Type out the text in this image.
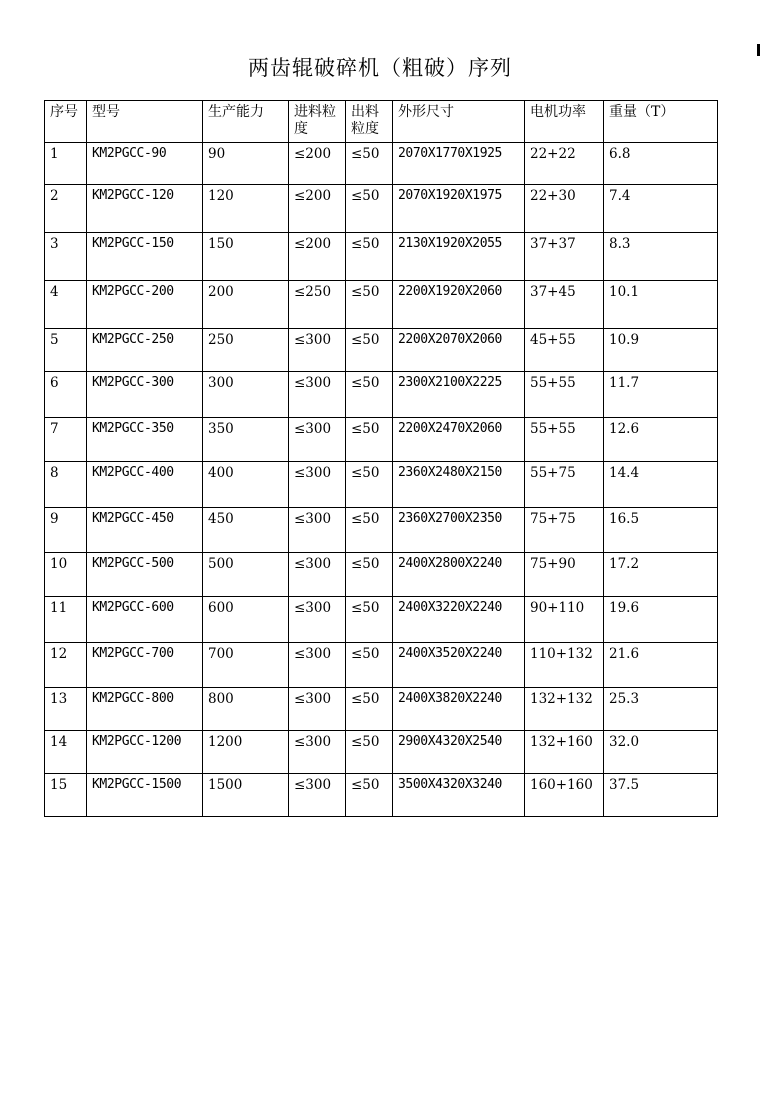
两齿辊破碎机（粗破）序列
序号	型号	生产能力	进料粒度	出料粒度	外形尺寸	电机功率	重量（T）
1	KM2PGCC-90	90	≤200	≤50	2070X1770X1925	22+22	6.8
2	KM2PGCC-120	120	≤200	≤50	2070X1920X1975	22+30	7.4
3	KM2PGCC-150	150	≤200	≤50	2130X1920X2055	37+37	8.3
4	KM2PGCC-200	200	≤250	≤50	2200X1920X2060	37+45	10.1
5	KM2PGCC-250	250	≤300	≤50	2200X2070X2060	45+55	10.9
6	KM2PGCC-300	300	≤300	≤50	2300X2100X2225	55+55	11.7
7	KM2PGCC-350	350	≤300	≤50	2200X2470X2060	55+55	12.6
8	KM2PGCC-400	400	≤300	≤50	2360X2480X2150	55+75	14.4
9	KM2PGCC-450	450	≤300	≤50	2360X2700X2350	75+75	16.5
10	KM2PGCC-500	500	≤300	≤50	2400X2800X2240	75+90	17.2
11	KM2PGCC-600	600	≤300	≤50	2400X3220X2240	90+110	19.6
12	KM2PGCC-700	700	≤300	≤50	2400X3520X2240	110+132	21.6
13	KM2PGCC-800	800	≤300	≤50	2400X3820X2240	132+132	25.3
14	KM2PGCC-1200	1200	≤300	≤50	2900X4320X2540	132+160	32.0
15	KM2PGCC-1500	1500	≤300	≤50	3500X4320X3240	160+160	37.5
